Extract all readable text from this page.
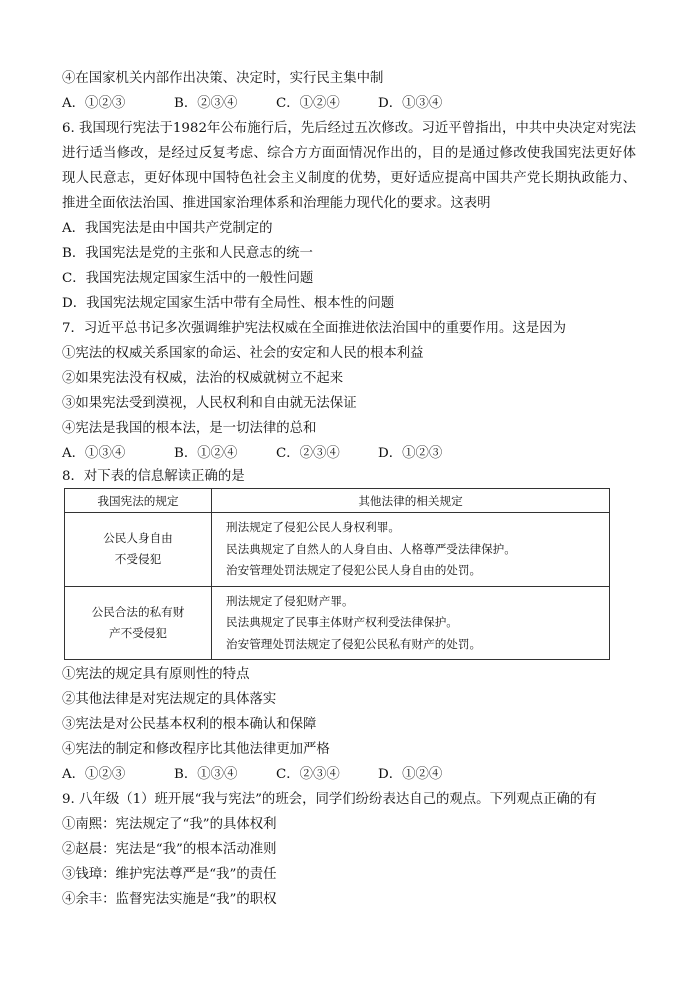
④在国家机关内部作出决策、决定时，实行民主集中制
A．①②③	B．②③④	C．①②④	D．①③④
6. 我国现行宪法于1982年公布施行后，先后经过五次修改。习近平曾指出，中共中央决定对宪法进行适当修改，是经过反复考虑、综合方方面面情况作出的，目的是通过修改使我国宪法更好体现人民意志，更好体现中国特色社会主义制度的优势，更好适应提高中国共产党长期执政能力、推进全面依法治国、推进国家治理体系和治理能力现代化的要求。这表明
A．我国宪法是由中国共产党制定的
B．我国宪法是党的主张和人民意志的统一
C．我国宪法规定国家生活中的一般性问题
D．我国宪法规定国家生活中带有全局性、根本性的问题
7．习近平总书记多次强调维护宪法权威在全面推进依法治国中的重要作用。这是因为
①宪法的权威关系国家的命运、社会的安定和人民的根本利益
②如果宪法没有权威，法治的权威就树立不起来
③如果宪法受到漠视，人民权利和自由就无法保证
④宪法是我国的根本法，是一切法律的总和
A．①③④	B．①②④	C．②③④	D．①②③
8．对下表的信息解读正确的是
我国宪法的规定	其他法律的相关规定

公民人身自由
不受侵犯	刑法规定了侵犯公民人身权利罪。
民法典规定了自然人的人身自由、人格尊严受法律保护。
治安管理处罚法规定了侵犯公民人身自由的处罚。

公民合法的私有财
产不受侵犯	刑法规定了侵犯财产罪。
民法典规定了民事主体财产权利受法律保护。
治安管理处罚法规定了侵犯公民私有财产的处罚。
①宪法的规定具有原则性的特点
②其他法律是对宪法规定的具体落实
③宪法是对公民基本权利的根本确认和保障
④宪法的制定和修改程序比其他法律更加严格
A．①②③	B．①③④	C．②③④	D．①②④
9. 八年级（1）班开展“我与宪法”的班会，同学们纷纷表达自己的观点。下列观点正确的有
①南熙：宪法规定了“我”的具体权利
②赵晨：宪法是“我”的根本活动准则
③钱璋：维护宪法尊严是“我”的责任
④余丰：监督宪法实施是“我”的职权
